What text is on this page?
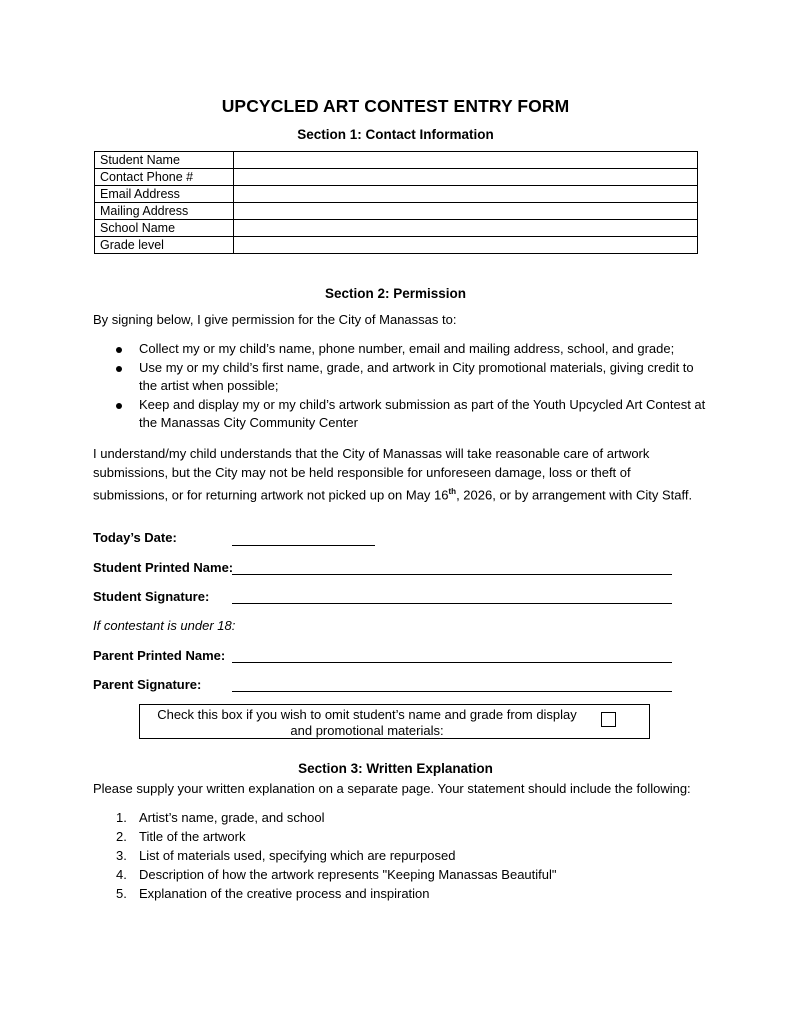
UPCYCLED ART CONTEST ENTRY FORM
Section 1: Contact Information
Student Name	
Contact Phone #	
Email Address	
Mailing Address	
School Name	
Grade level	
Section 2: Permission
By signing below, I give permission for the City of Manassas to:
Collect my or my child’s name, phone number, email and mailing address, school, and grade;
Use my or my child’s first name, grade, and artwork in City promotional materials, giving credit to the artist when possible;
Keep and display my or my child’s artwork submission as part of the Youth Upcycled Art Contest at the Manassas City Community Center
I understand/my child understands that the City of Manassas will take reasonable care of artwork submissions, but the City may not be held responsible for unforeseen damage, loss or theft of submissions, or for returning artwork not picked up on May 16th, 2026, or by arrangement with City Staff.
Today’s Date:
Student Printed Name:
Student Signature:
If contestant is under 18:
Parent Printed Name:
Parent Signature:
Check this box if you wish to omit student’s name and grade from display and promotional materials:
Section 3: Written Explanation
Please supply your written explanation on a separate page. Your statement should include the following:
1. Artist’s name, grade, and school
2. Title of the artwork
3. List of materials used, specifying which are repurposed
4. Description of how the artwork represents "Keeping Manassas Beautiful"
5. Explanation of the creative process and inspiration
